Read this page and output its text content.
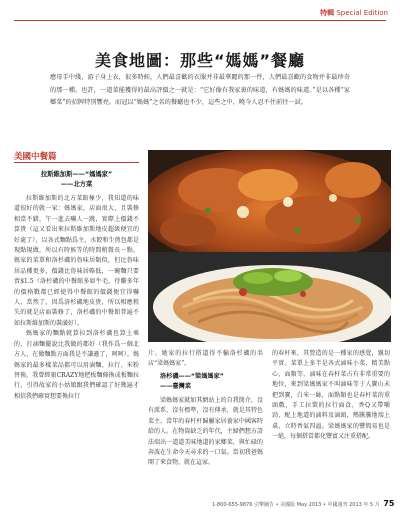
特輯 Special Edition
美食地圖：那些“媽媽”餐廳

應母手中綫，游子身上衣，很多時候，人們最喜歡的衣服并非最華麗的那一件，人們最喜歡的食物并非最珍奇的那一種。也許，一道菜能獲得的最高評價之一就是：“它好像有我家裏的味道，有媽媽的味道。”是以各種“家鄉菜”的招牌特别響亮。而冠以“媽媽”之名的餐廳也不少，這些之中，曉今人忍不住前往一試。

美國中餐篇
拉斯維加斯——“媽媽家”
——北方菜

拉斯維加斯的北方菜館極少，我知道的味道很好的就一家：媽媽家，店面很大，且裝修相當不錯，午一進去嚇人一跳，實際上價錢不算貴（這又看出來拉斯維加斯地皮超級便宜的好處了），以各式麵點爲主，水餃和生煎包都是現點現做，所以有時候等的時間稍微長一點。媽家的菜單和洛杉磯的魯味居類似，但比魯味居品種更多，價錢比魯味居略低，一碗麵只要賣$1.5（洛杉磯的中餐館多如牛毛，待賺多年的價格戰都已經使得中餐館的價錢便宜得嚇人，當然了，因爲洛杉磯地皮貴，所以相應租失的就是店面裝修了，洛杉磯的中餐館普遍不如拉斯維加斯的裝潢好）。

媽媽家的麵點就算拉到洛杉磯也算上乘的，打滷麵擺說比我做的都好（我作爲一個北方人，在做麵點方面我是不謙遜了，呵呵）。媽媽家的最多樣菜品都可以用滷麵、拉行、米粉替換。我曾經狠CRAZY地把板麵條換成板麵拉行，引得故家的小姑娘跟我們確認了好幾遍才相信我們確實想要換拉行

片。她家的拉行搭道得不輸洛杉磯的名店“梁媽媽家”。

洛杉磯——“梁媽媽家”
——臺灣菜

梁媽媽家就如其網站上的自我簡介，沒有派系、沒有標準，沒有傳承，就是其特色菜主，當年的春杆杆歸屬家居養家中國客時給的人。在物資缺乏的年代，主婦們想方設法端出一道道美味地道的家鄉菜，與忙碌的奔波在生命今天尋求的一口氣。當初我爸媽開了來食物，就在這家。

的春杆來，其營造的是一種家的感覺，親切平實。菜單上多半是各式滷味小菜、精美點心、面類等，滷味在春杆菜占有非常重要的地位，來到梁媽媽家不叫滷味等于人寶山未把到寶，白米一絲，面點類也是春杆菜的重頭戲，手工拉製的拉行面食，香Q又帶嚼勁，配上地道的滷料及滷頭，熱騰騰地端上桌，立時香氣四溢。梁媽媽家的豐簡易也是一絕，每個搭當都化豐富又注重搭配。

1-800-655-9876 引擎圖告 • 美國版 May 2013 • 中國週刊 2013 年 5 月 75
